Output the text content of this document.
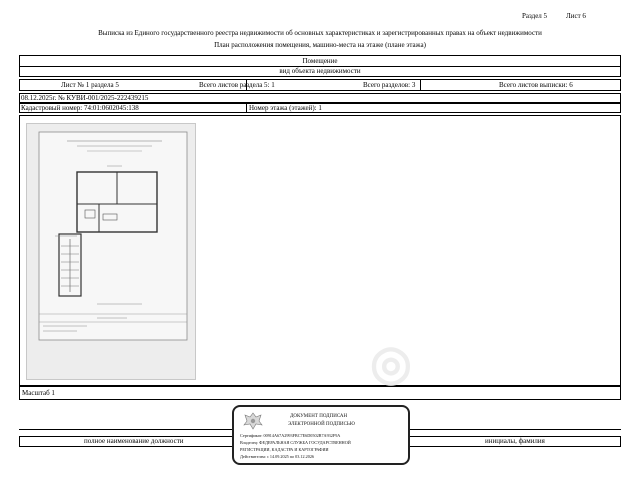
Раздел 5	Лист 6
Выписка из Единого государственного реестра недвижимости об основных характеристиках и зарегистрированных правах на объект недвижимости
План расположения помещения, машино-места на этаже (плане этажа)
Помещение
вид объекта недвижимости
Лист № 1 раздела 5	Всего листов раздела 5: 1	Всего разделов: 3	Всего листов выписки: 6
08.12.2025г. № КУВИ-001/2025-222439215
Кадастровый номер: 74:01:0602045:138	Номер этажа (этажей): 1
◎
Масштаб 1
полное наименование должности	инициалы, фамилия
ДОКУМЕНТ ПОДПИСАН
ЭЛЕКТРОННОЙ ПОДПИСЬЮ
Сертификат: 00914A67A2993FBC7E6D0502B7A932F9A
Владелец: ФЕДЕРАЛЬНАЯ СЛУЖБА ГОСУДАРСТВЕННОЙ
РЕГИСТРАЦИИ, КАДАСТРА И КАРТОГРАФИИ
Действителен: с 14.09.2025 по 03.12.2026
